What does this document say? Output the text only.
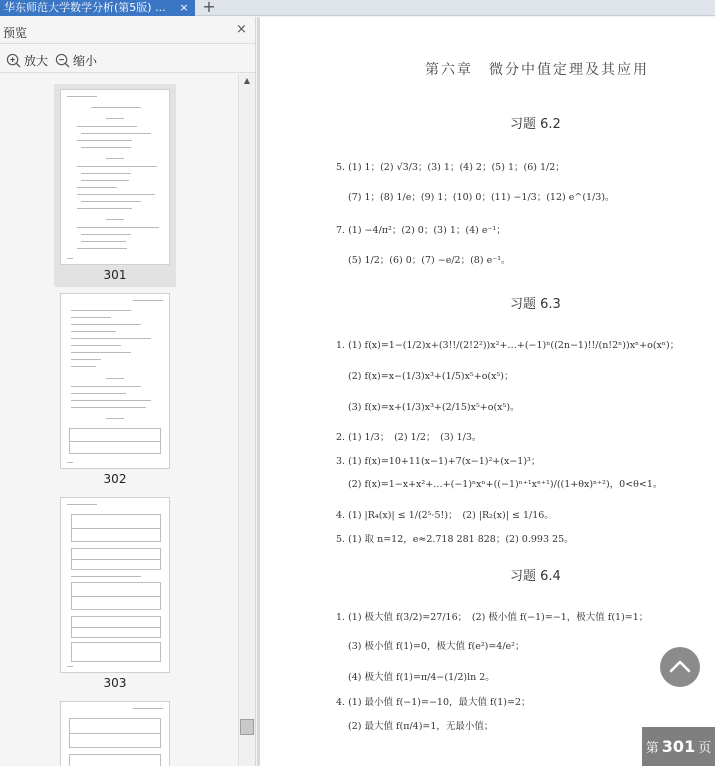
华东师范大学数学分析(第5版) ...	× +
预览	×
放大 缩小
301
302
303
▲
第六章　微分中值定理及其应用
习题 6.2
5. (1) 1；(2) √3/3；(3) 1；(4) 2；(5) 1；(6) 1/2；
(7) 1；(8) 1/e；(9) 1；(10) 0；(11) −1/3；(12) e^(1/3)。
7. (1) −4/π²；(2) 0；(3) 1；(4) e⁻¹；
(5) 1/2；(6) 0；(7) −e/2；(8) e⁻¹。
习题 6.3
1. (1) f(x)=1−(1/2)x+(3!!/(2!2²))x²+…+(−1)ⁿ((2n−1)!!/(n!2ⁿ))xⁿ+o(xⁿ)；
(2) f(x)=x−(1/3)x³+(1/5)x⁵+o(x⁵)；
(3) f(x)=x+(1/3)x³+(2/15)x⁵+o(x⁵)。
2. (1) 1/3；　(2) 1/2；　(3) 1/3。
3. (1) f(x)=10+11(x−1)+7(x−1)²+(x−1)³；
(2) f(x)=1−x+x²+…+(−1)ⁿxⁿ+((−1)ⁿ⁺¹xⁿ⁺¹)/((1+θx)ⁿ⁺²)，0<θ<1。
4. (1) |R₄(x)| ≤ 1/(2⁵·5!)；　(2) |R₂(x)| ≤ 1/16。
5. (1) 取 n=12，e≈2.718 281 828；(2) 0.993 25。
习题 6.4
1. (1) 极大值 f(3/2)=27/16；　(2) 极小值 f(−1)=−1，极大值 f(1)=1；
(3) 极小值 f(1)=0，极大值 f(e²)=4/e²；
(4) 极大值 f(1)=π/4−(1/2)ln 2。
4. (1) 最小值 f(−1)=−10，最大值 f(1)=2；
(2) 最大值 f(π/4)=1，无最小值；
第 301 页
